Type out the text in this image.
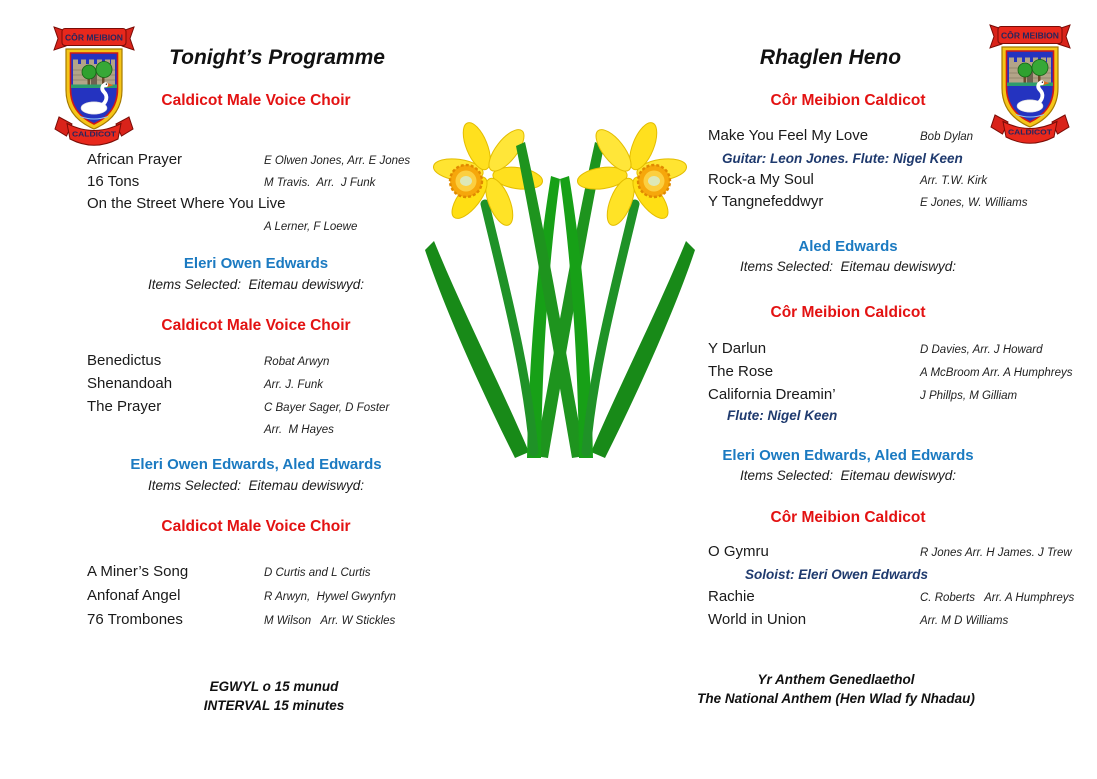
CÔR MEIBION
CALDICOT
CÔR MEIBION
CALDICOT
Tonight’s Programme
Caldicot Male Voice Choir
African Prayer	E Olwen Jones, Arr. E Jones
16 Tons	M Travis.  Arr.  J Funk
On the Street Where You Live
A Lerner, F Loewe
Eleri Owen Edwards
Items Selected:  Eitemau dewiswyd:
Caldicot Male Voice Choir
Benedictus	Robat Arwyn
Shenandoah	Arr. J. Funk
The Prayer	C Bayer Sager, D Foster
Arr.  M Hayes
Eleri Owen Edwards, Aled Edwards
Items Selected:  Eitemau dewiswyd:
Caldicot Male Voice Choir
A Miner’s Song	D Curtis and L Curtis
Anfonaf Angel	R Arwyn,  Hywel Gwynfyn
76 Trombones	M Wilson   Arr. W Stickles
EGWYL o 15 munud
INTERVAL 15 minutes
Rhaglen Heno
Côr Meibion Caldicot
Make You Feel My Love	Bob Dylan
Guitar: Leon Jones. Flute: Nigel Keen
Rock-a My Soul	Arr. T.W. Kirk
Y Tangnefeddwyr	E Jones, W. Williams
Aled Edwards
Items Selected:  Eitemau dewiswyd:
Côr Meibion Caldicot
Y Darlun	D Davies, Arr. J Howard
The Rose	A McBroom Arr. A Humphreys
California Dreamin’	J Phillps, M Gilliam
Flute: Nigel Keen
Eleri Owen Edwards, Aled Edwards
Items Selected:  Eitemau dewiswyd:
Côr Meibion Caldicot
O Gymru	R Jones Arr. H James. J Trew
Soloist: Eleri Owen Edwards
Rachie	C. Roberts   Arr. A Humphreys
World in Union	Arr. M D Williams
Yr Anthem Genedlaethol
The National Anthem (Hen Wlad fy Nhadau)
